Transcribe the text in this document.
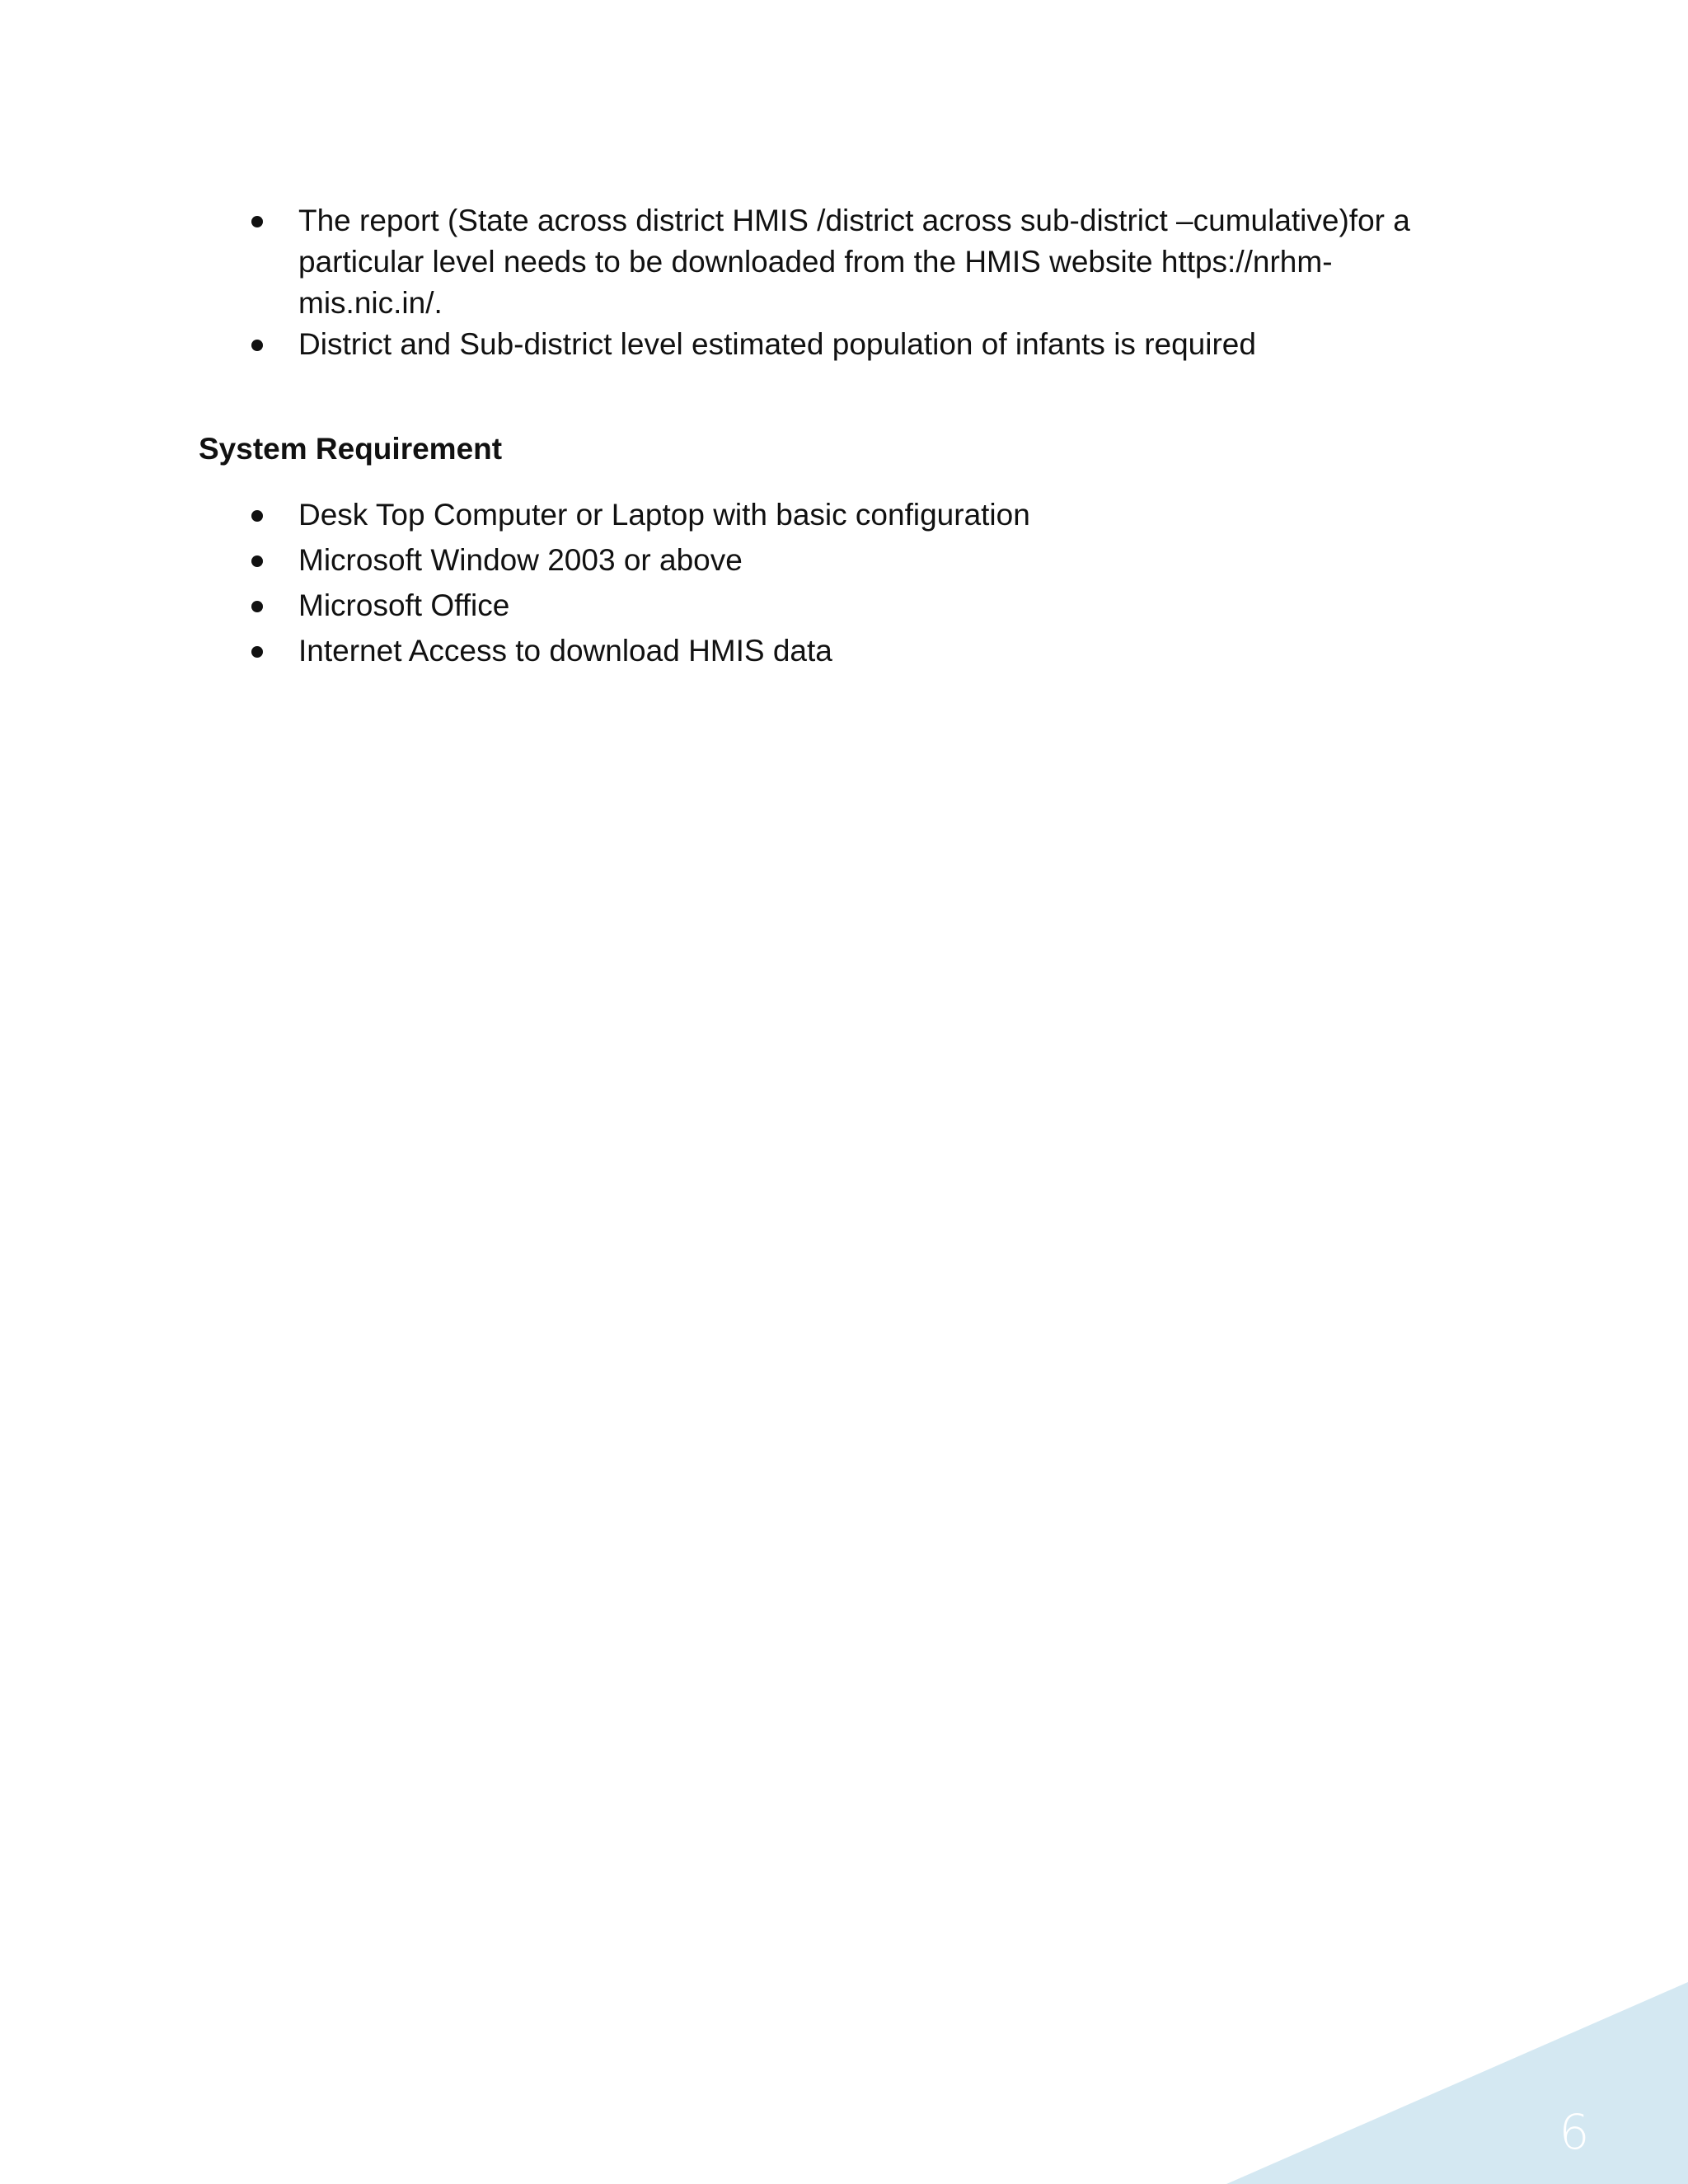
The report (State across district HMIS /district across sub-district –cumulative)for a particular level needs to be downloaded from the HMIS website https://nrhm-mis.nic.in/.
District and Sub-district level estimated population of infants is required
System Requirement
Desk Top Computer or Laptop with basic configuration
Microsoft Window 2003 or above
Microsoft Office
Internet Access to download HMIS data
6
